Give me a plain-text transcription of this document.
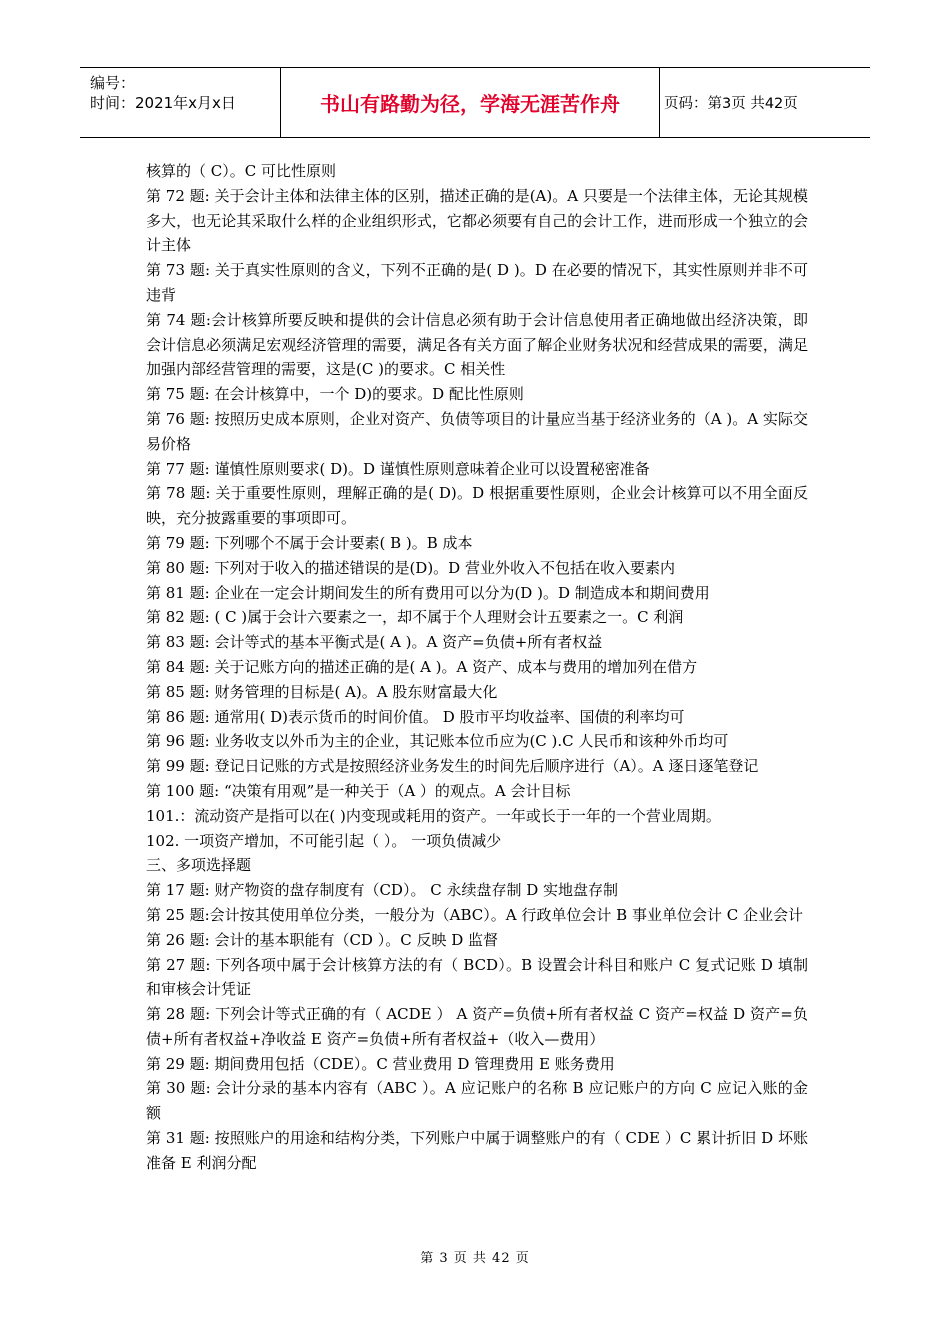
编号：
时间：2021年x月x日	书山有路勤为径，学海无涯苦作舟	页码：第3页 共42页

核算的（ C）。C 可比性原则

第 72 题: 关于会计主体和法律主体的区别，描述正确的是(A)。A 只要是一个法律主体，无论其规模多大，也无论其采取什么样的企业组织形式，它都必须要有自己的会计工作，进而形成一个独立的会计主体

第 73 题: 关于真实性原则的含义，下列不正确的是( D )。D 在必要的情况下，其实性原则并非不可违背

第 74 题:会计核算所要反映和提供的会计信息必须有助于会计信息使用者正确地做出经济决策，即会计信息必须满足宏观经济管理的需要，满足各有关方面了解企业财务状况和经营成果的需要，满足加强内部经营管理的需要，这是(C )的要求。C 相关性

第 75 题: 在会计核算中，一个 D)的要求。D 配比性原则

第 76 题: 按照历史成本原则，企业对资产、负债等项目的计量应当基于经济业务的（A )。A 实际交易价格

第 77 题: 谨慎性原则要求( D)。D 谨慎性原则意味着企业可以设置秘密准备

第 78 题: 关于重要性原则，理解正确的是( D)。D 根据重要性原则，企业会计核算可以不用全面反映，充分披露重要的事项即可。

第 79 题: 下列哪个不属于会计要素( B )。B 成本

第 80 题: 下列对于收入的描述错误的是(D)。D 营业外收入不包括在收入要素内

第 81 题: 企业在一定会计期间发生的所有费用可以分为(D )。D 制造成本和期间费用

第 82 题: ( C )属于会计六要素之一，却不属于个人理财会计五要素之一。C 利润

第 83 题: 会计等式的基本平衡式是( A )。A 资产=负债+所有者权益

第 84 题: 关于记账方向的描述正确的是( A )。A 资产、成本与费用的增加列在借方

第 85 题: 财务管理的目标是( A)。A 股东财富最大化

第 86 题: 通常用( D)表示货币的时间价值。 D 股市平均收益率、国债的利率均可

第 96 题: 业务收支以外币为主的企业，其记账本位币应为(C ).C 人民币和该种外币均可

第 99 题: 登记日记账的方式是按照经济业务发生的时间先后顺序进行（A）。A 逐日逐笔登记

第 100 题: “决策有用观”是一种关于（A ）的观点。A 会计目标

101.：流动资产是指可以在( )内变现或耗用的资产。一年或长于一年的一个营业周期。

102. 一项资产增加，不可能引起（ ）。 一项负债减少

三、多项选择题

第 17 题: 财产物资的盘存制度有（CD）。 C 永续盘存制 D 实地盘存制

第 25 题:会计按其使用单位分类，一般分为（ABC）。A 行政单位会计 B 事业单位会计 C 企业会计

第 26 题: 会计的基本职能有（CD ）。C 反映 D 监督

第 27 题: 下列各项中属于会计核算方法的有（ BCD）。B 设置会计科目和账户 C 复式记账 D 填制和审核会计凭证

第 28 题: 下列会计等式正确的有（ ACDE ） A 资产=负债+所有者权益 C 资产=权益 D 资产=负债+所有者权益+净收益 E 资产=负债+所有者权益+（收入—费用）

第 29 题: 期间费用包括（CDE）。C 营业费用 D 管理费用 E 账务费用

第 30 题: 会计分录的基本内容有（ABC ）。A 应记账户的名称 B 应记账户的方向 C 应记入账的金额

第 31 题: 按照账户的用途和结构分类，下列账户中属于调整账户的有（ CDE ）C 累计折旧 D 坏账准备 E 利润分配

第 3 页 共 42 页
